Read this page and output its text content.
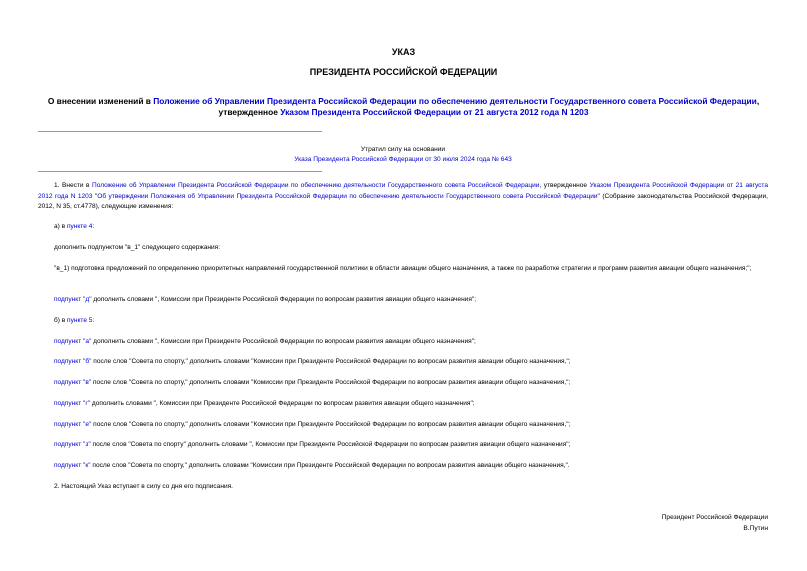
УКАЗ
ПРЕЗИДЕНТА РОССИЙСКОЙ ФЕДЕРАЦИИ
О внесении изменений в Положение об Управлении Президента Российской Федерации по обеспечению деятельности Государственного совета Российской Федерации, утвержденное Указом Президента Российской Федерации от 21 августа 2012 года N 1203
Утратил силу на основании
Указа Президента Российской Федерации от 30 июля 2024 года № 643
1. Внести в Положение об Управлении Президента Российской Федерации по обеспечению деятельности Государственного совета Российской Федерации, утвержденное Указом Президента Российской Федерации от 21 августа 2012 года N 1203 "Об утверждении Положения об Управлении Президента Российской Федерации по обеспечению деятельности Государственного совета Российской Федерации" (Собрание законодательства Российской Федерации, 2012, N 35, ст.4778), следующие изменения:
а) в пункте 4:
дополнить подпунктом "в_1" следующего содержания:
"в_1) подготовка предложений по определению приоритетных направлений государственной политики в области авиации общего назначения, а также по разработке стратегии и программ развития авиации общего назначения;";
подпункт "д" дополнить словами ", Комиссии при Президенте Российской Федерации по вопросам развития авиации общего назначения";
б) в пункте 5:
подпункт "а" дополнить словами ", Комиссии при Президенте Российской Федерации по вопросам развития авиации общего назначения";
подпункт "б" после слов "Совета по спорту," дополнить словами "Комиссии при Президенте Российской Федерации по вопросам развития авиации общего назначения,";
подпункт "в" после слов "Совета по спорту," дополнить словами "Комиссии при Президенте Российской Федерации по вопросам развития авиации общего назначения,";
подпункт "г" дополнить словами ", Комиссии при Президенте Российской Федерации по вопросам развития авиации общего назначения";
подпункт "е" после слов "Совета по спорту," дополнить словами "Комиссии при Президенте Российской Федерации по вопросам развития авиации общего назначения,";
подпункт "з" после слов "Совета по спорту" дополнить словами ", Комиссии при Президенте Российской Федерации по вопросам развития авиации общего назначения";
подпункт "к" после слов "Совета по спорту," дополнить словами "Комиссии при Президенте Российской Федерации по вопросам развития авиации общего назначения,".
2. Настоящий Указ вступает в силу со дня его подписания.
Президент Российской Федерации
В.Путин
